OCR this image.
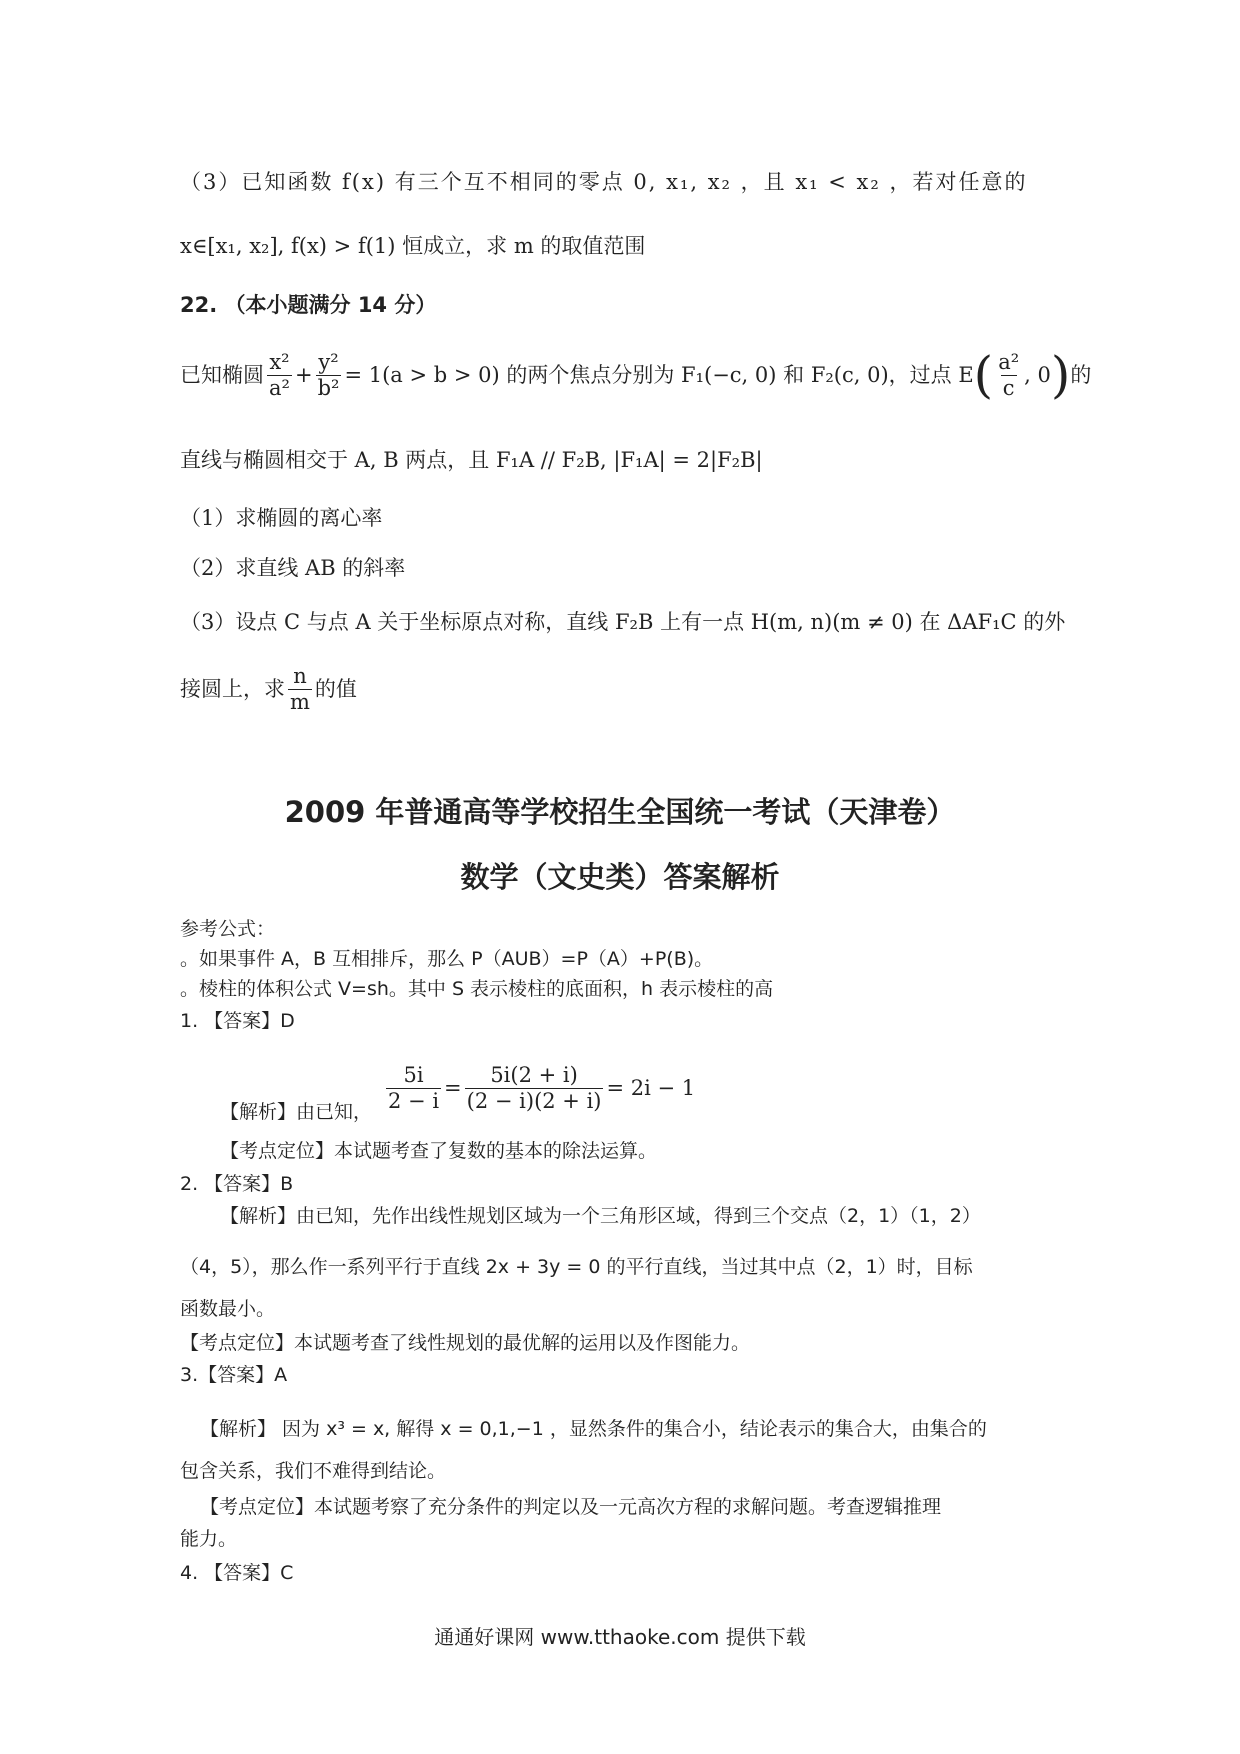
（3）已知函数 f(x) 有三个互不相同的零点 0, x₁, x₂ ，且 x₁ < x₂ ，若对任意的
x∈[x₁, x₂], f(x) > f(1) 恒成立，求 m 的取值范围
22. （本小题满分 14 分）
已知椭圆 $\frac{\text{x²}}{\text{a²}} + \frac{\text{y²}}{\text{b²}} = 1(a > b > 0)$ 的两个焦点分别为 F₁(−c, 0) 和 F₂(c, 0)，过点 E ( $\frac{\text{a²}}{c}$ , 0 ) 的
直线与椭圆相交于 A, B 两点，且 F₁A // F₂B, |F₁A| = 2|F₂B|
（1）求椭圆的离心率
（2）求直线 AB 的斜率
（3）设点 C 与点 A 关于坐标原点对称，直线 F₂B 上有一点 H(m, n)(m ≠ 0) 在 ΔAF₁C 的外
接圆上，求 $\frac{n}{m}$ 的值
2009 年普通高等学校招生全国统一考试（天津卷）
数学（文史类）答案解析
参考公式：
。如果事件 A，B 互相排斥，那么 P（AUB）=P（A）+P(B)。
。棱柱的体积公式 V=sh。其中 S 表示棱柱的底面积，h 表示棱柱的高
1. 【答案】D
【解析】由已知，
$\frac{5i}{2 - i} = \frac{5i(2 + i)}{(2 - i)(2 + i)} = 2i - 1$
【考点定位】本试题考查了复数的基本的除法运算。
2. 【答案】B
【解析】由已知，先作出线性规划区域为一个三角形区域，得到三个交点（2，1）（1，2）
（4，5），那么作一系列平行于直线 2x + 3y = 0 的平行直线，当过其中点（2，1）时，目标
函数最小。
【考点定位】本试题考查了线性规划的最优解的运用以及作图能力。
3.【答案】A
【解析】 因为 x³ = x, 解得 x = 0,1,−1 ，显然条件的集合小，结论表示的集合大，由集合的
包含关系，我们不难得到结论。
【考点定位】本试题考察了充分条件的判定以及一元高次方程的求解问题。考查逻辑推理
能力。
4. 【答案】C
通通好课网 www.tthaoke.com 提供下载
